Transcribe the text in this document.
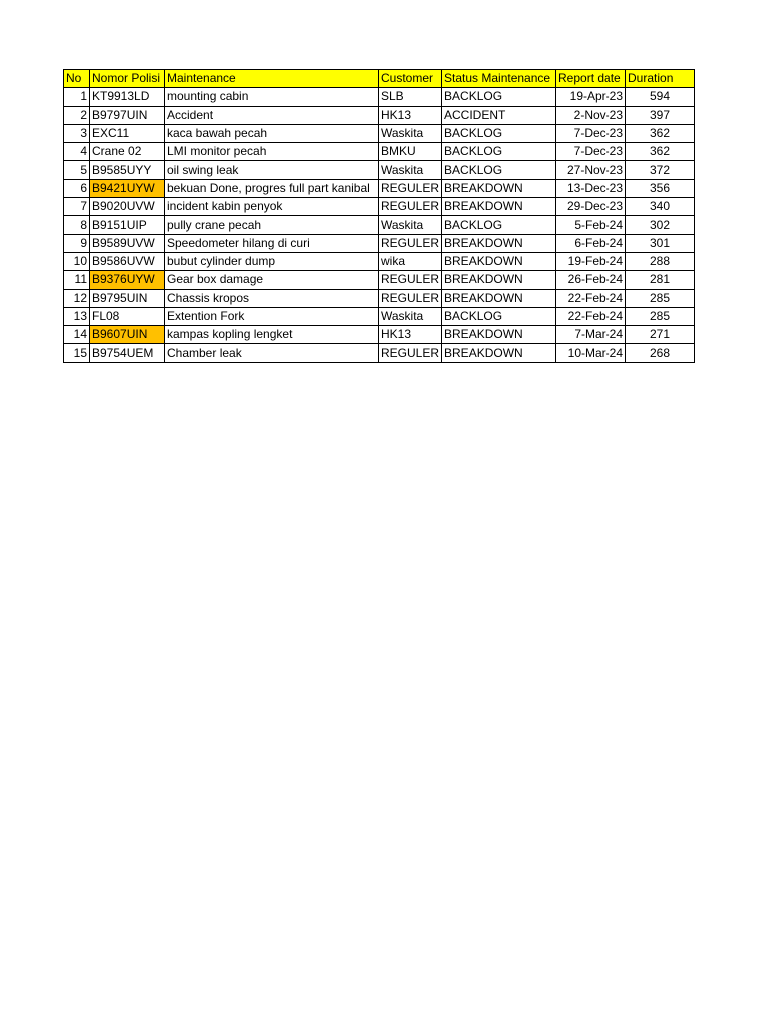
No	Nomor Polisi	Maintenance	Customer	Status Maintenance	Report date	Duration
1	KT9913LD	mounting cabin	SLB	BACKLOG	19-Apr-23	594
2	B9797UIN	Accident	HK13	ACCIDENT	2-Nov-23	397
3	EXC11	kaca bawah pecah	Waskita	BACKLOG	7-Dec-23	362
4	Crane 02	LMI monitor pecah	BMKU	BACKLOG	7-Dec-23	362
5	B9585UYY	oil swing leak	Waskita	BACKLOG	27-Nov-23	372
6	B9421UYW	bekuan Done, progres full part kanibal	REGULER	BREAKDOWN	13-Dec-23	356
7	B9020UVW	incident kabin penyok	REGULER	BREAKDOWN	29-Dec-23	340
8	B9151UIP	pully crane pecah	Waskita	BACKLOG	5-Feb-24	302
9	B9589UVW	Speedometer hilang di curi	REGULER	BREAKDOWN	6-Feb-24	301
10	B9586UVW	bubut cylinder dump	wika	BREAKDOWN	19-Feb-24	288
11	B9376UYW	Gear box damage	REGULER	BREAKDOWN	26-Feb-24	281
12	B9795UIN	Chassis kropos	REGULER	BREAKDOWN	22-Feb-24	285
13	FL08	Extention Fork	Waskita	BACKLOG	22-Feb-24	285
14	B9607UIN	kampas kopling lengket	HK13	BREAKDOWN	7-Mar-24	271
15	B9754UEM	Chamber leak	REGULER	BREAKDOWN	10-Mar-24	268
